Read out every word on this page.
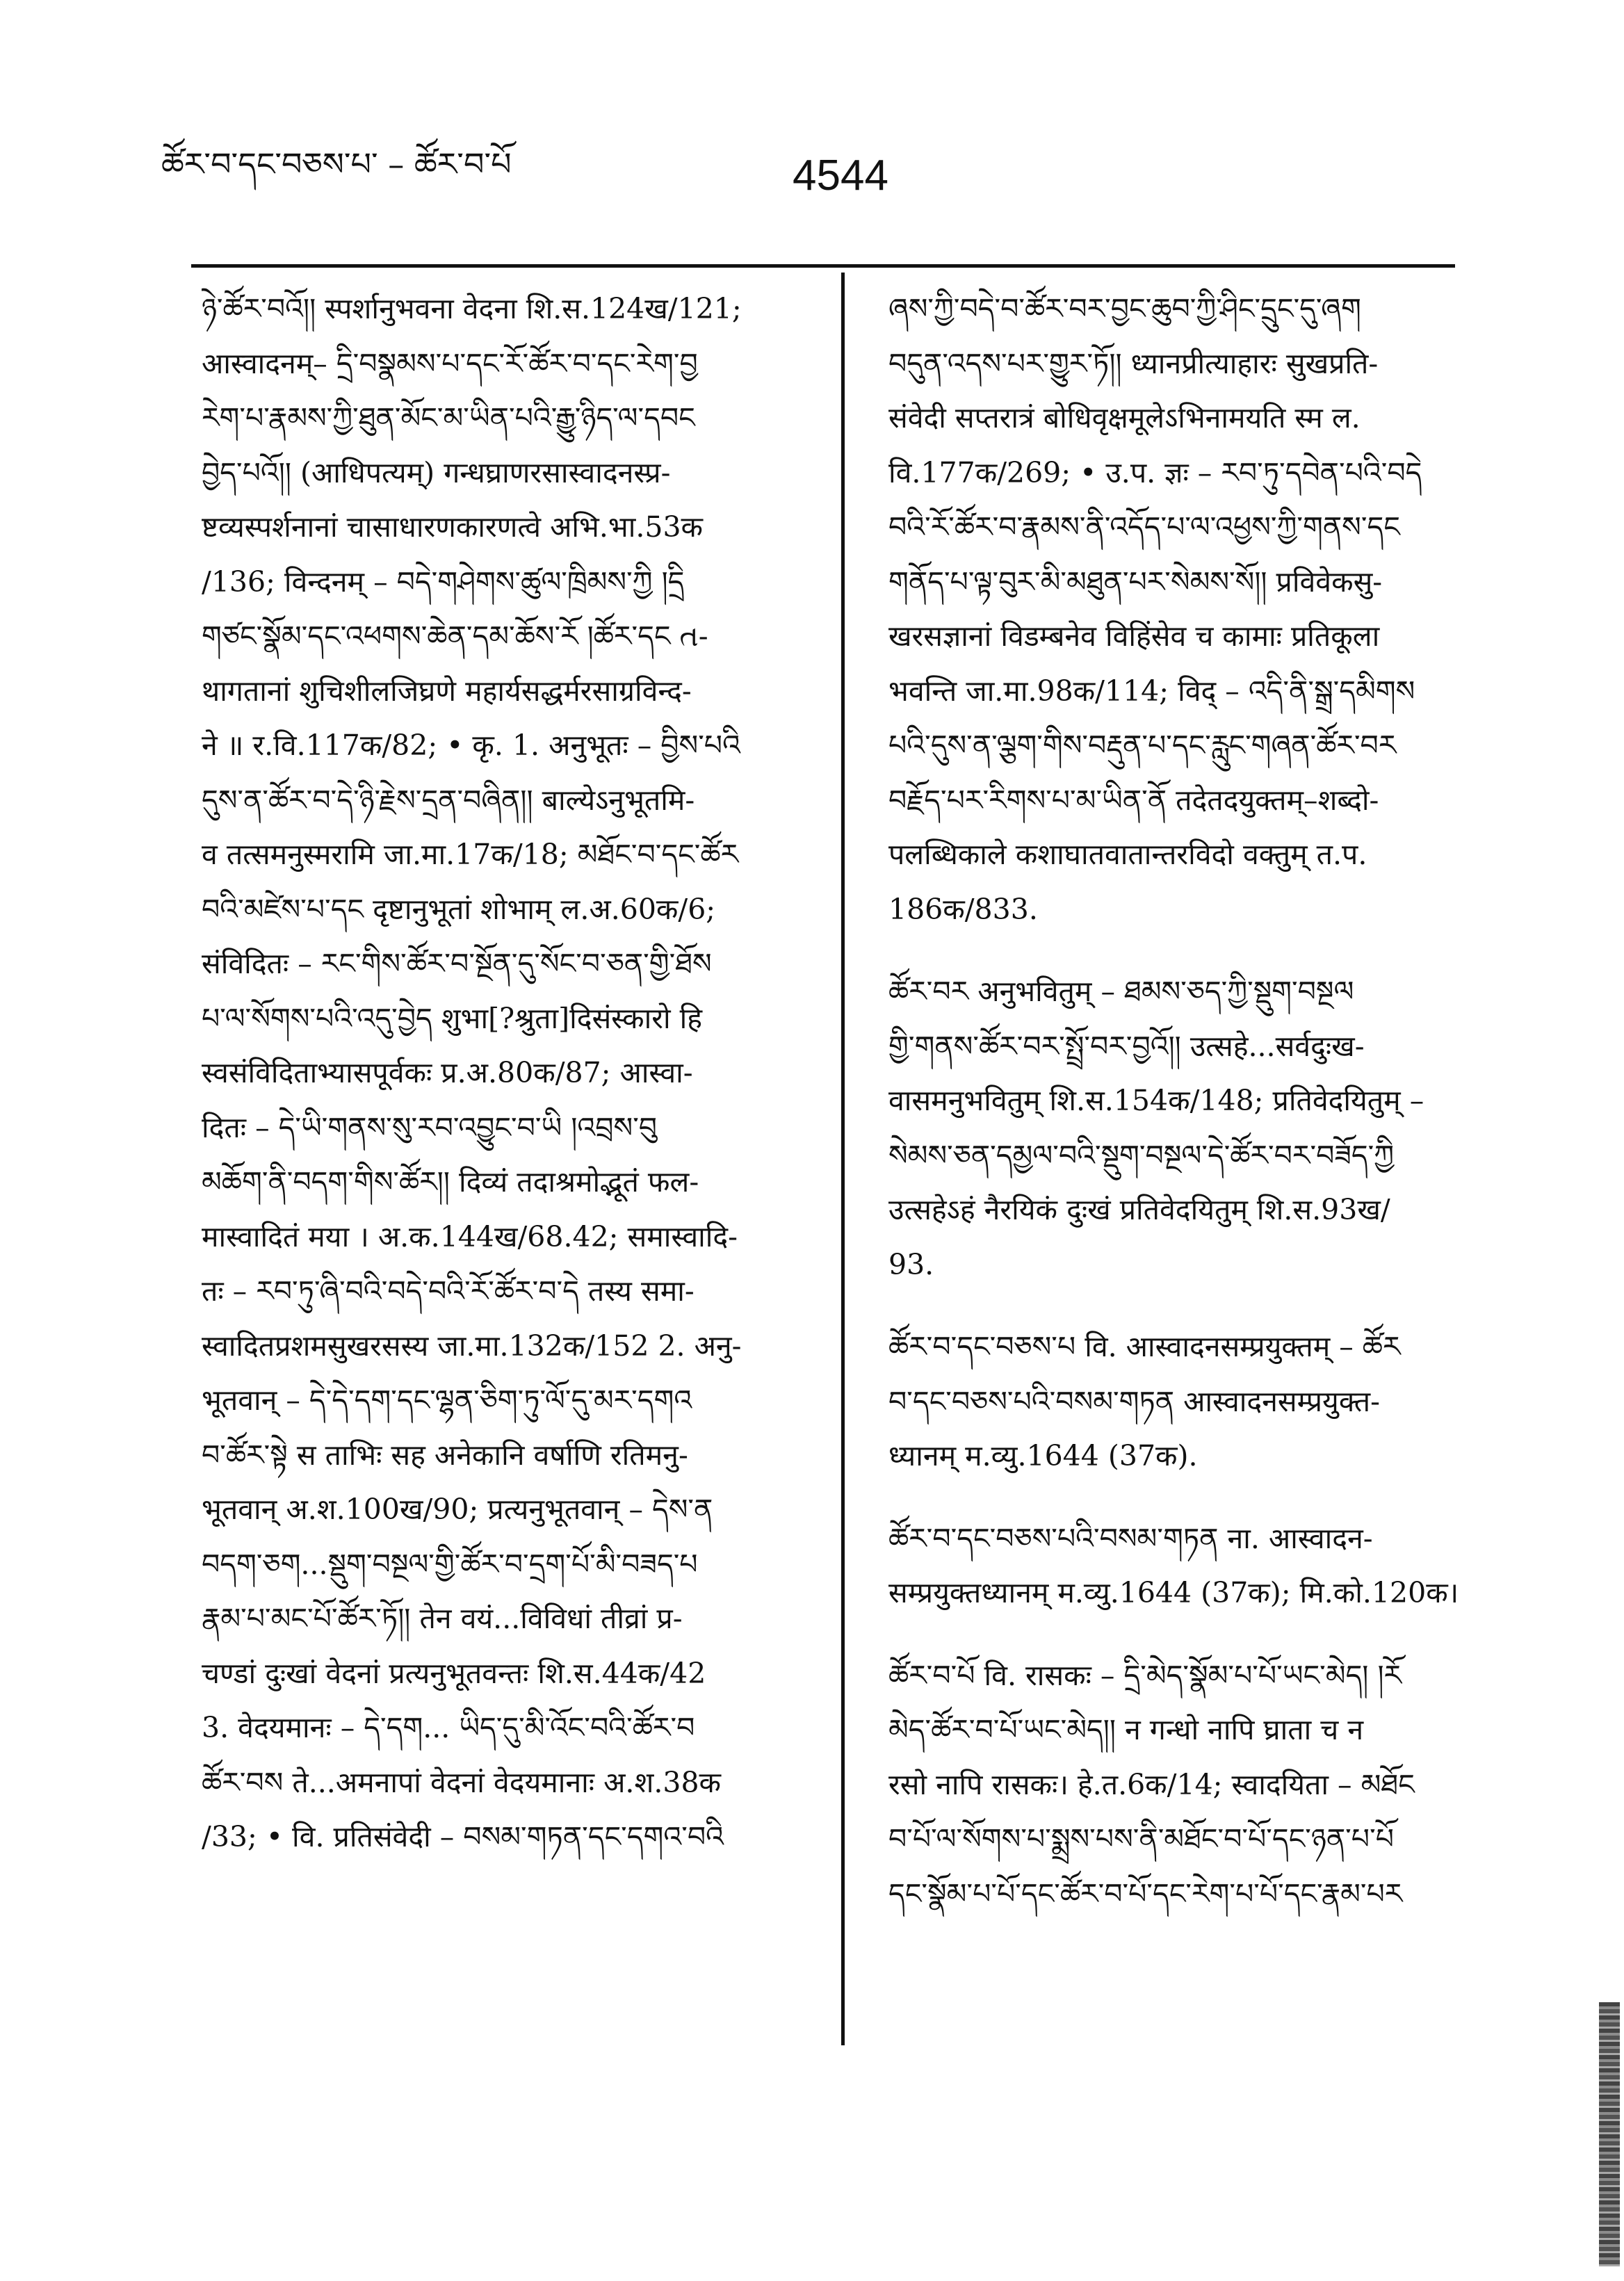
ཚོར་བ་དང་བཅས་པ་ – ཚོར་བ་པོ	4544
ཉེ་ཚོར་བའོ།། स्पर्शानुभवना वेदना शि.स.124ख/121;
आस्वादनम्– དྲི་བསྣམས་པ་དང་རོ་ཚོར་བ་དང་རེག་བྱ
རེག་པ་རྣམས་ཀྱི་ཐུན་མོང་མ་ཡིན་པའི་རྒྱུ་ཉིད་ལ་དབང
བྱེད་པའོ།། (आधिपत्यम्) गन्धघ्राणरसास्वादनस्प्र-
ष्टव्यस्पर्शनानां चासाधारणकारणत्वे अभि.भा.53क
/136; विन्दनम् – བདེ་གཤེགས་ཚུལ་ཁྲིམས་ཀྱི །དྲི
གཙང་སྣོམ་དང་འཕགས་ཆེན་དམ་ཆོས་རོ །ཚོར་དང ત-
थागतानां शुचिशीलजिघ्रणे महार्यसद्धर्मरसाग्रविन्द-
ने ॥ र.वि.117क/82; • कृ. 1. अनुभूतः – བྱིས་པའི
དུས་ན་ཚོར་བ་དེ་ཉི་རྗེས་དྲན་བཞིན།། बाल्येऽनुभूतमि-
व तत्समनुस्मरामि जा.मा.17क/18; མཐོང་བ་དང་ཚོར
བའི་མཛེས་པ་དང दृष्टानुभूतां शोभाम् ल.अ.60क/6;
संविदितः – རང་གིས་ཚོར་བ་སྔོན་དུ་སོང་བ་ཅན་གྱི་ཐོས
པ་ལ་སོགས་པའི་འདུ་བྱེད शुभा[?श्रुता]दिसंस्कारो हि
स्वसंविदिताभ्यासपूर्वकः प्र.अ.80क/87; आस्वा-
दितः – དེ་ཡི་གནས་སུ་རབ་འབྱུང་བ་ཡི །འབྲས་བུ
མཆོག་ནི་བདག་གིས་ཚོར།། दिव्यं तदाश्रमोद्भूतं फल-
मास्वादितं मया । अ.क.144ख/68.42; समास्वादि-
तः – རབ་ཏུ་ཞི་བའི་བདེ་བའི་རོ་ཚོར་བ་དེ तस्य समा-
स्वादितप्रशमसुखरसस्य जा.मा.132क/152 2. अनु-
भूतवान् – དེ་དེ་དག་དང་ལྷན་ཅིག་ཏུ་ལོ་དུ་མར་དགའ
བ་ཚོར་སྟེ स ताभिः सह अनेकानि वर्षाणि रतिमनु-
भूतवान् अ.श.100ख/90; प्रत्यनुभूतवान् – དེས་ན
བདག་ཅག...སྡུག་བསྔལ་གྱི་ཚོར་བ་དྲག་པོ་མི་བཟད་པ
རྣམ་པ་མང་པོ་ཚོར་ཏོ།། तेन वयं...विविधां तीव्रां प्र-
चण्डां दुःखां वेदनां प्रत्यनुभूतवन्तः शि.स.44क/42
3. वेदयमानः – དེ་དག... ཡིད་དུ་མི་འོང་བའི་ཚོར་བ
ཚོར་བས ते...अमनापां वेदनां वेदयमानाः अ.श.38क
/33; • वि. प्रतिसंवेदी – བསམ་གཏན་དང་དགའ་བའི
ཞས་ཀྱི་བདེ་བ་ཚོར་བར་བྱང་ཆུབ་ཀྱི་ཤིང་དྲུང་དུ་ཞག
བདུན་འདས་པར་གྱུར་ཏོ།། ध्यानप्रीत्याहारः सुखप्रति-
संवेदी सप्तरात्रं बोधिवृक्षमूलेऽभिनामयति स्म ल.
वि.177क/269; • उ.प. ज्ञः – རབ་ཏུ་དབེན་པའི་བདེ
བའི་རོ་ཚོར་བ་རྣམས་ནི་འདོད་པ་ལ་འཕྱས་ཀྱི་གནས་དང
གནོད་པ་ལྟ་བུར་མི་མཐུན་པར་སེམས་སོ།། प्रविवेकसु-
खरसज्ञानां विडम्बनेव विहिंसेव च कामाः प्रतिकूला
भवन्ति जा.मा.98क/114; विद् – འདི་ནི་སྒྲ་དམིགས
པའི་དུས་ན་ལྕག་གིས་བརྡུན་པ་དང་རླུང་གཞན་ཚོར་བར
བརྗོད་པར་རིགས་པ་མ་ཡིན་ནོ तदेतदयुक्तम्–शब्दो-
पलब्धिकाले कशाघातवातान्तरविदो वक्तुम् त.प.
186क/833.
ཚོར་བར अनुभवितुम् – ཐམས་ཅད་ཀྱི་སྡུག་བསྔལ
གྱི་གནས་ཚོར་བར་སྤྲོ་བར་བྱའོ།། उत्सहे...सर्वदुःख-
वासमनुभवितुम् शि.स.154क/148; प्रतिवेदयितुम् –
སེམས་ཅན་དམྱལ་བའི་སྡུག་བསྔལ་དེ་ཚོར་བར་བཟོད་ཀྱི
उत्सहेऽहं नैरयिकं दुःखं प्रतिवेदयितुम् शि.स.93ख/
93.
ཚོར་བ་དང་བཅས་པ वि. आस्वादनसम्प्रयुक्तम् – ཚོར
བ་དང་བཅས་པའི་བསམ་གཏན आस्वादनसम्प्रयुक्त-
ध्यानम् म.व्यु.1644 (37क).
ཚོར་བ་དང་བཅས་པའི་བསམ་གཏན ना. आस्वादन-
सम्प्रयुक्तध्यानम् म.व्यु.1644 (37क); मि.को.120क।
ཚོར་བ་པོ वि. रासकः – དྲི་མེད་སྣོམ་པ་པོ་ཡང་མེད། །རོ
མེད་ཚོར་བ་པོ་ཡང་མེད།། न गन्धो नापि घ्राता च न
रसो नापि रासकः। हे.त.6क/14; स्वादयिता – མཐོང
བ་པོ་ལ་སོགས་པ་སྨྲས་པས་ནི་མཐོང་བ་པོ་དང་ཉན་པ་པོ
དང་སྣོམ་པ་པོ་དང་ཚོར་བ་པོ་དང་རེག་པ་པོ་དང་རྣམ་པར
